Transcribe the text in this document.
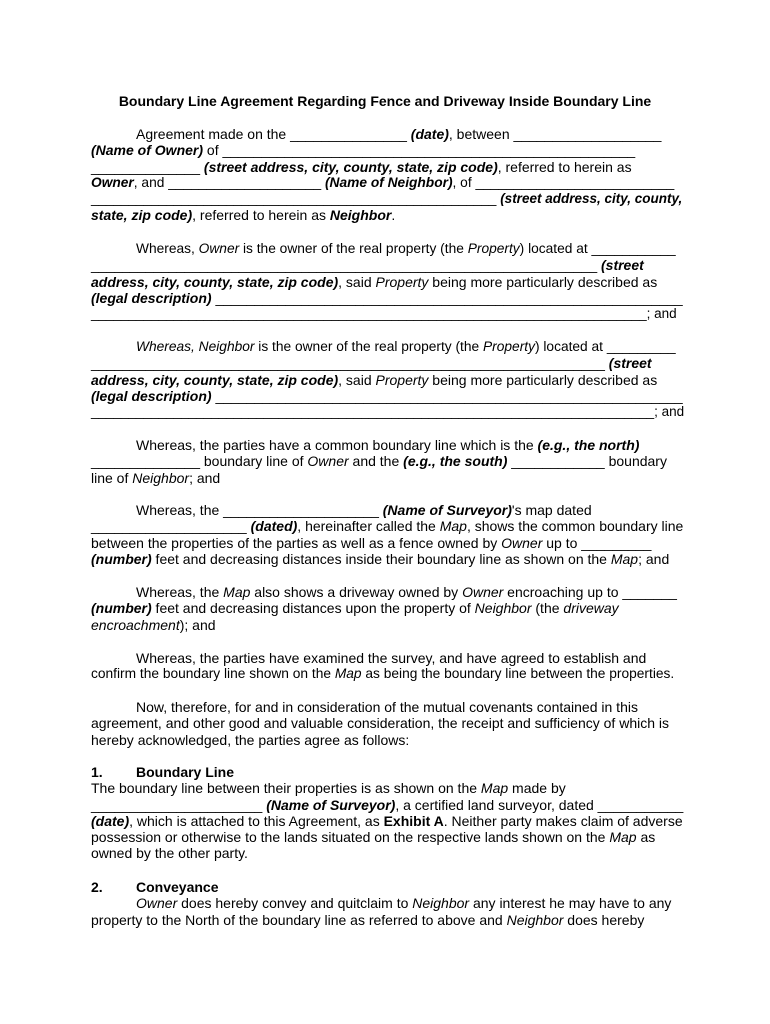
Boundary Line Agreement Regarding Fence and Driveway Inside Boundary Line
Agreement made on the _______________ (date), between ___________________
(Name of Owner) of _____________________________________________________
______________ (street address, city, county, state, zip code), referred to herein as
Owner, and ____________________ (Name of Neighbor), of __________________________
______________________________________________________ (street address, city, county,
state, zip code), referred to herein as Neighbor.
Whereas, Owner is the owner of the real property (the Property) located at ___________
_________________________________________________________________ (street
address, city, county, state, zip code), said Property being more particularly described as
(legal description) ____________________________________________________________
__________________________________________________________________________; and
Whereas, Neighbor is the owner of the real property (the Property) located at _________
__________________________________________________________________ (street
address, city, county, state, zip code), said Property being more particularly described as
(legal description) ____________________________________________________________
___________________________________________________________________________; and
Whereas, the parties have a common boundary line which is the (e.g., the north)
______________ boundary line of Owner and the (e.g., the south) ____________ boundary
line of Neighbor; and
Whereas, the ____________________ (Name of Surveyor)'s map dated
____________________ (dated), hereinafter called the Map, shows the common boundary line
between the properties of the parties as well as a fence owned by Owner up to _________
(number) feet and decreasing distances inside their boundary line as shown on the Map; and
Whereas, the Map also shows a driveway owned by Owner encroaching up to _______
(number) feet and decreasing distances upon the property of Neighbor (the driveway
encroachment); and
Whereas, the parties have examined the survey, and have agreed to establish and
confirm the boundary line shown on the Map as being the boundary line between the properties.
Now, therefore, for and in consideration of the mutual covenants contained in this
agreement, and other good and valuable consideration, the receipt and sufficiency of which is
hereby acknowledged, the parties agree as follows:
1. Boundary Line
The boundary line between their properties is as shown on the Map made by
______________________ (Name of Surveyor), a certified land surveyor, dated ___________
(date), which is attached to this Agreement, as Exhibit A. Neither party makes claim of adverse
possession or otherwise to the lands situated on the respective lands shown on the Map as
owned by the other party.
2. Conveyance
Owner does hereby convey and quitclaim to Neighbor any interest he may have to any
property to the North of the boundary line as referred to above and Neighbor does hereby
